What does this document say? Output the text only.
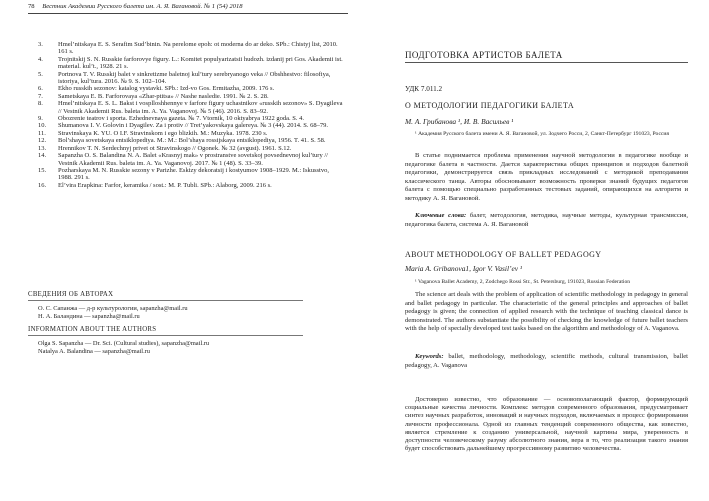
78 Вестник Академии Русского балета им. А. Я. Вагановой. № 1 (54) 2018
3. Hmel’nitskaya E. S. Serafim Sud’binin. Na perelome epoh: ot moderna do ar deko. SPb.: Chistyj list, 2010. 161 s.
4. Trojnitskij S. N. Russkie farforovye figury. L.: Komitet populyarizatsii hudozh. izdanij pri Gos. Akademii ist. material. kul’t., 1928. 21 s.
5. Portnova T. V. Russkij balet v sinkretizme baletnoj kul’tury serebryanogo veka // Obshhestvo: filosofiya, istoriya, kul’tura. 2016. № 9. S. 102–104.
6. Ekho russkih sezonov: katalog vystavki. SPb.: Izd-vo Gos. Ermitazha, 2009. 176 s.
7. Sametskaya E. B. Farforovaya «Zhar-ptitsa» // Nashe nasledie. 1991. № 2. S. 28.
8. Hmel’nitskaya E. S. L. Bakst i vosplloshhennye v farfore figury uchastnikov «russkih sezonov» S. Dyagileva // Vestnik Akademii Rus. baleta im. A. Ya. Vaganovoj. № 5 (46). 2016. S. 83–92.
9. Obozrenie teatrov i sporta. Ezhednevnaya gazeta. № 7. Vtornik, 10 oktyabrya 1922 goda. S. 4.
10. Shumanova I. V. Golovin i Dyagilev. Za i protiv // Tret’yakovskaya galereya. № 3 (44). 2014. S. 68–79.
11. Stravinskaya K. YU. O I.F. Stravinskom i ego blizkih. M.: Muzyka. 1978. 230 s.
12. Bol’shaya sovetskaya entsiklopediya. M.: M.: Bol’shaya rossijskaya entsiklopediya, 1956. T. 41. S. 58.
13. Hrennikov T. N. Serdechnyj privet ot Stravinskogo // Ogonek. № 32 (avgust). 1961. S.12.
14. Sapanzha O. S. Balandina N. A. Balet «Krasnyj mak» v prostranstve sovetskoj povsednevnoj kul’tury // Vestnik Akademii Rus. baleta im. A. Ya. Vaganovoj. 2017. № 1 (48). S. 33–39.
15. Pozharskaya M. N. Russkie sezony v Parizhe. Eskizy dekoratsij i kostyumov 1908–1929. M.: Iskusstvo, 1988. 291 s.
16. El’vira Erapkina: Farfor, keramika / sost.: M. P. Tubli. SPb.: Alaborg, 2009. 216 s.
СВЕДЕНИЯ ОБ АВТОРАХ
О. С. Сапанжа — д-р культурологии, sapanzha@mail.ru
Н. А. Баландина — sapanzha@mail.ru
INFORMATION ABOUT THE AUTHORS
Olga S. Sapanzha — Dr. Sci. (Cultural studies), sapanzha@mail.ru
Natalya A. Balandina — sapanzha@mail.ru
ПОДГОТОВКА АРТИСТОВ БАЛЕТА
УДК 7.011.2
О МЕТОДОЛОГИИ ПЕДАГОГИКИ БАЛЕТА
М. А. Грибанова ¹, И. В. Васильев ¹
¹ Академия Русского балета имени А. Я. Вагановой, ул. Зодчего Росси, 2, Санкт-Петербург 191023, Россия

В статье поднимается проблема применения научной методологии в педагогике вообще и педагогике балета в частности. Дается характеристика общих принципов и подходов балетной педагогики, демонстрируется связь прикладных исследований с методикой преподавания классического танца. Авторы обосновывают возможность проверки знаний будущих педагогов балета с помощью специально разработанных тестовых заданий, опирающихся на алгоритм и методику А. Я. Вагановой.

Ключевые слова: балет, методология, методика, научные методы, культурная трансмиссия, педагогика балета, система А. Я. Вагановой

ABOUT METHODOLOGY OF BALLET PEDAGOGY
Maria A. Gribanova1, Igor V. Vasil’ev ¹
¹ Vaganova Ballet Academy, 2, Zodchego Rossi Str., St. Petersburg, 191023, Russian Federation

The science art deals with the problem of application of scientific methodology in pedagogy in general and ballet pedagogy in particular. The characteristic of the general principles and approaches of ballet pedagogy is given; the connection of applied research with the technique of teaching classical dance is demonstrated. The authors substantiate the possibility of checking the knowledge of future ballet teachers with the help of specially developed test tasks based on the algorithm and methodology of A. Vaganova.

Keywords: ballet, methodology, methodology, scientific methods, cultural transmission, ballet pedagogy, A. Vaganova

Достоверно известно, что образование — основополагающий фактор, формирующий социальные качества личности. Комплекс методов современного образования, предусматривает синтез научных разработок, инноваций и научных подходов, включаемых в процесс формирования личности профессионала. Одной из главных тенденций современного общества, как известно, является стремление к созданию универсальной, научной картины мира, уверенность в доступности человеческому разуму абсолютного знания, вера в то, что реализация такого знания будет способствовать дальнейшему прогрессивному развитию человечества.
